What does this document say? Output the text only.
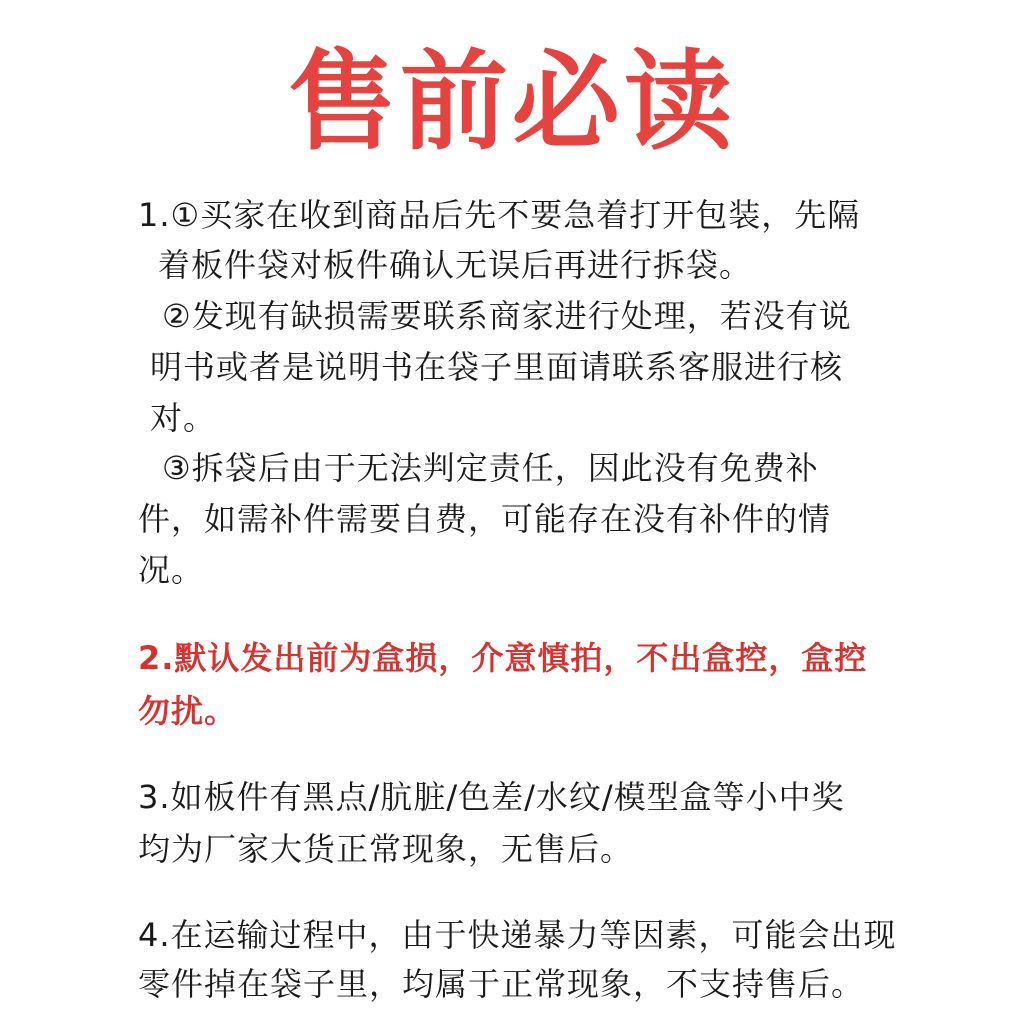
售前必读
1.①买家在收到商品后先不要急着打开包装，先隔
着板件袋对板件确认无误后再进行拆袋。
②发现有缺损需要联系商家进行处理，若没有说
明书或者是说明书在袋子里面请联系客服进行核
对。
③拆袋后由于无法判定责任，因此没有免费补
件，如需补件需要自费，可能存在没有补件的情
况。
2.默认发出前为盒损，介意慎拍，不出盒控，盒控
勿扰。
3.如板件有黑点/肮脏/色差/水纹/模型盒等小中奖
均为厂家大货正常现象，无售后。
4.在运输过程中，由于快递暴力等因素，可能会出现
零件掉在袋子里，均属于正常现象，不支持售后。
